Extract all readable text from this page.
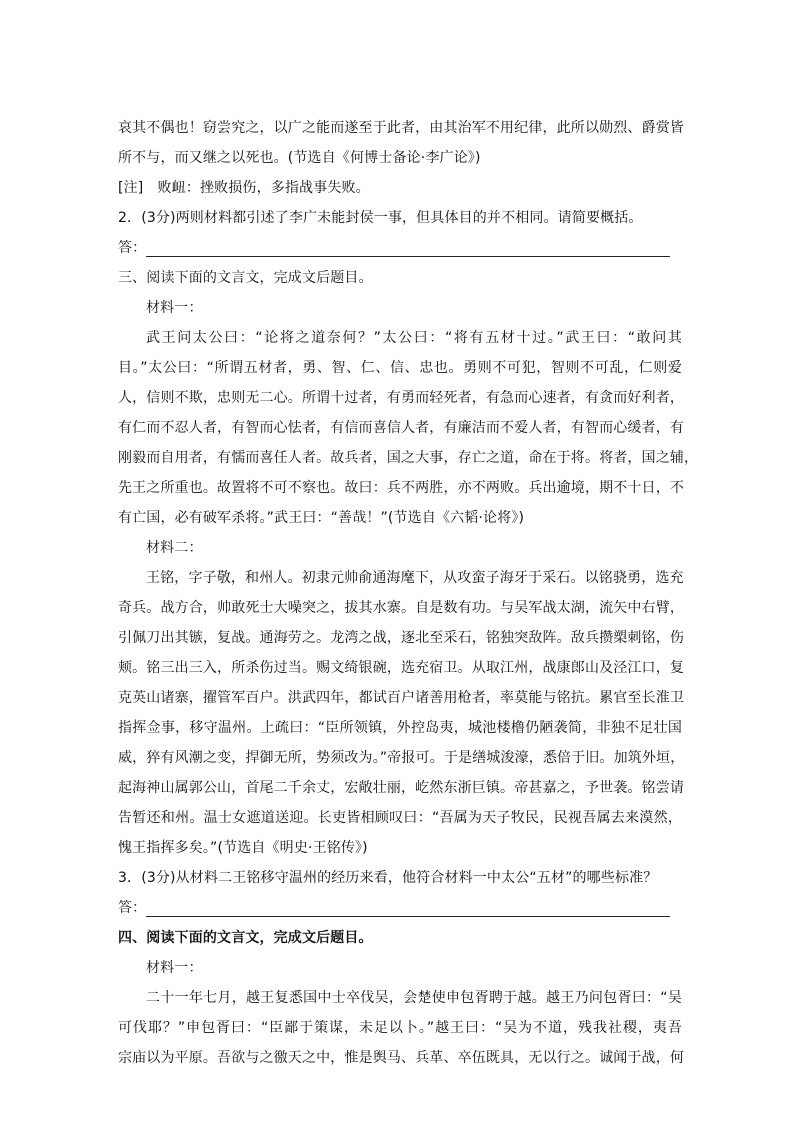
哀其不偶也！窃尝究之，以广之能而遂至于此者，由其治军不用纪律，此所以勋烈、爵赏皆
所不与，而又继之以死也。(节选自《何博士备论·李广论》)
[注]　败衄：挫败损伤，多指战事失败。
2．(3分)两则材料都引述了李广未能封侯一事，但具体目的并不相同。请简要概括。
答：
三、阅读下面的文言文，完成文后题目。
材料一：
武王问太公曰：“论将之道奈何？”太公曰：“将有五材十过。”武王曰：“敢问其
目。”太公曰：“所谓五材者，勇、智、仁、信、忠也。勇则不可犯，智则不可乱，仁则爱
人，信则不欺，忠则无二心。所谓十过者，有勇而轻死者，有急而心速者，有贪而好利者，
有仁而不忍人者，有智而心怯者，有信而喜信人者，有廉洁而不爱人者，有智而心缓者，有
刚毅而自用者，有懦而喜任人者。故兵者，国之大事，存亡之道，命在于将。将者，国之辅，
先王之所重也。故置将不可不察也。故曰：兵不两胜，亦不两败。兵出逾境，期不十日，不
有亡国，必有破军杀将。”武王曰：“善哉！”(节选自《六韬·论将》)
材料二：
王铭，字子敬，和州人。初隶元帅俞通海麾下，从攻蛮子海牙于采石。以铭骁勇，选充
奇兵。战方合，帅敢死士大噪突之，拔其水寨。自是数有功。与吴军战太湖，流矢中右臂，
引佩刀出其镞，复战。通海劳之。龙湾之战，逐北至采石，铭独突敌阵。敌兵攒槊刺铭，伤
颊。铭三出三入，所杀伤过当。赐文绮银碗，选充宿卫。从取江州，战康郎山及泾江口，复
克英山诸寨，擢管军百户。洪武四年，都试百户诸善用枪者，率莫能与铭抗。累官至长淮卫
指挥佥事，移守温州。上疏曰：“臣所领镇，外控岛夷，城池楼橹仍陋袭简，非独不足壮国
威，猝有风潮之变，捍御无所，势须改为。”帝报可。于是缮城浚濠，悉倍于旧。加筑外垣，
起海神山属郭公山，首尾二千余丈，宏敞壮丽，屹然东浙巨镇。帝甚嘉之，予世袭。铭尝请
告暂还和州。温士女遮道送迎。长吏皆相顾叹曰：“吾属为天子牧民，民视吾属去来漠然，
愧王指挥多矣。”(节选自《明史·王铭传》)
3．(3分)从材料二王铭移守温州的经历来看，他符合材料一中太公“五材”的哪些标准？
答：
四、阅读下面的文言文，完成文后题目。
材料一：
二十一年七月，越王复悉国中士卒伐吴，会楚使申包胥聘于越。越王乃问包胥曰：“吴
可伐耶？”申包胥曰：“臣鄙于策谋，未足以卜。”越王曰：“吴为不道，残我社稷，夷吾
宗庙以为平原。吾欲与之徼天之中，惟是舆马、兵革、卒伍既具，无以行之。诚闻于战，何
